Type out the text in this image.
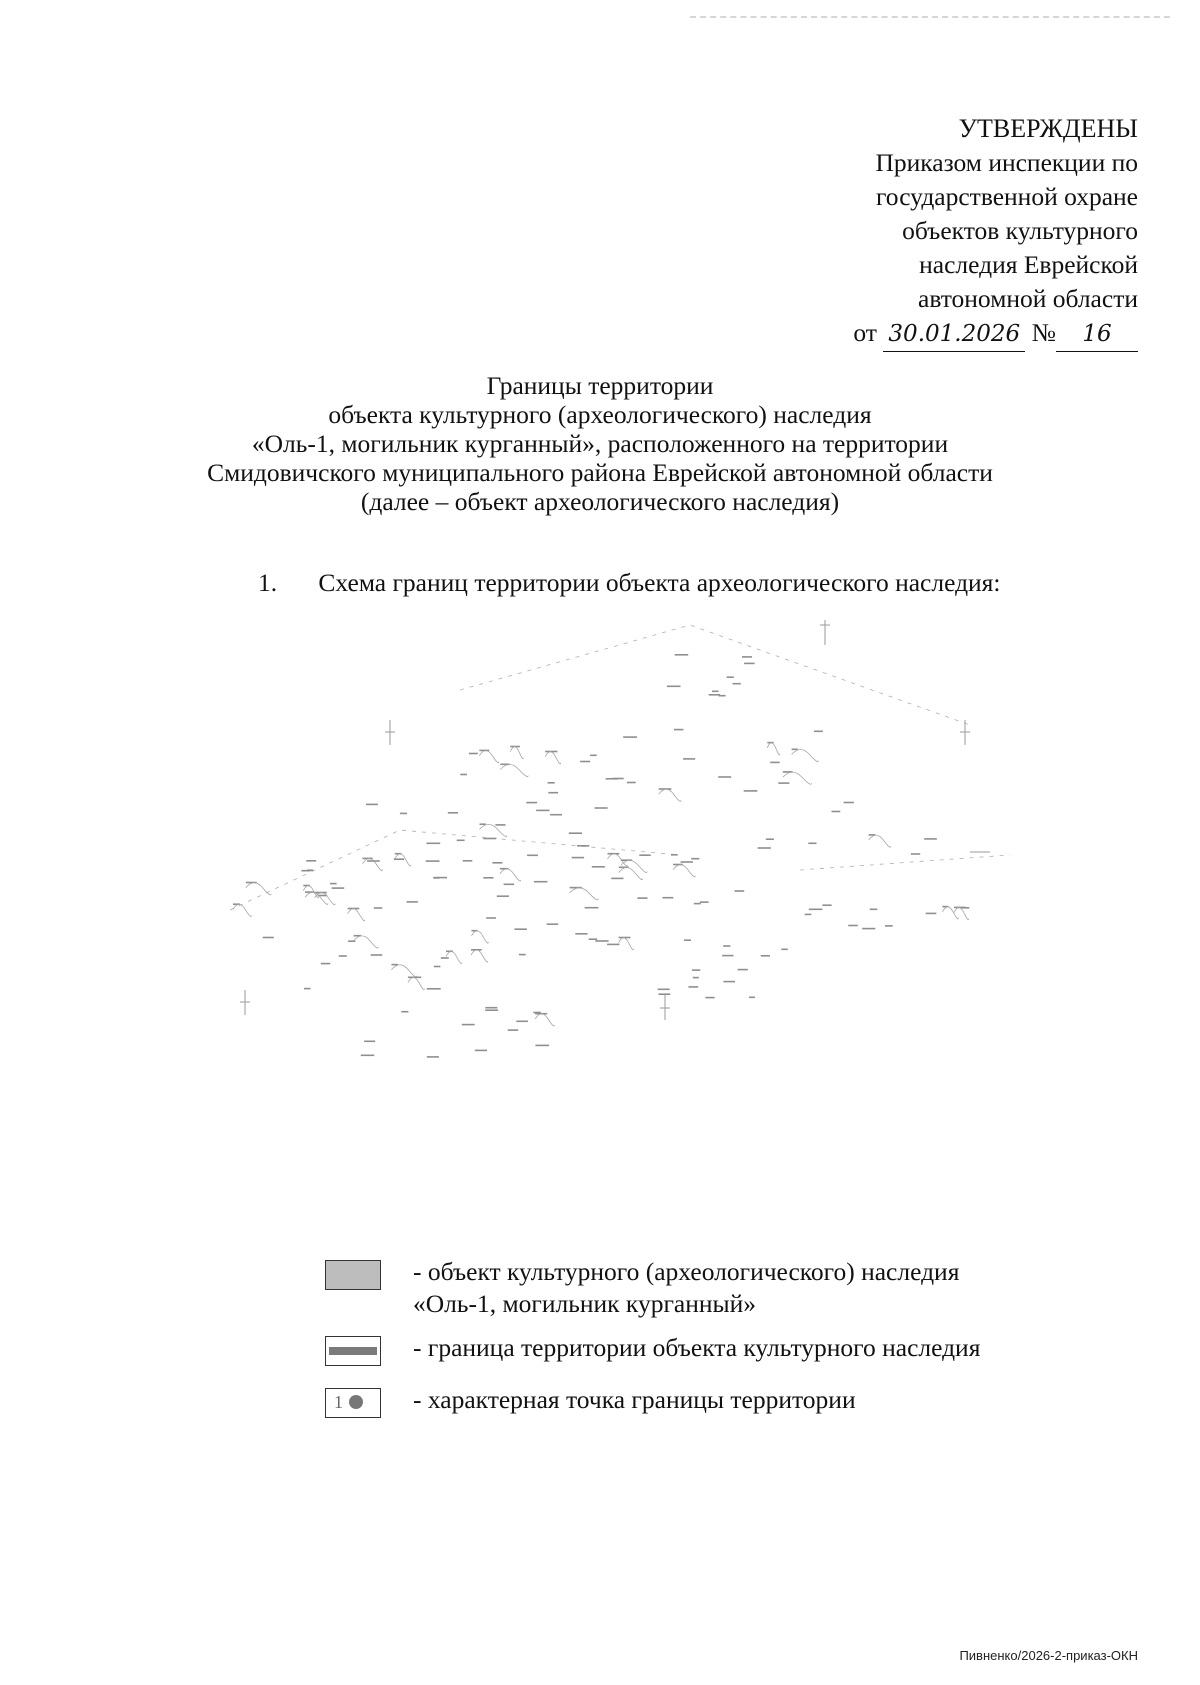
УТВЕРЖДЕНЫ
Приказом инспекции по
государственной охране
объектов культурного
наследия Еврейской
автономной области
от 30.01.2026 № 16
Границы территории
объекта культурного (археологического) наследия
«Оль-1, могильник курганный», расположенного на территории
Смидовичского муниципального района Еврейской автономной области
(далее – объект археологического наследия)
1. Схема границ территории объекта археологического наследия:
- объект культурного (археологического) наследия
«Оль-1, могильник курганный»
- граница территории объекта культурного наследия
1	- характерная точка границы территории
Пивненко/2026-2-приказ-ОКН
